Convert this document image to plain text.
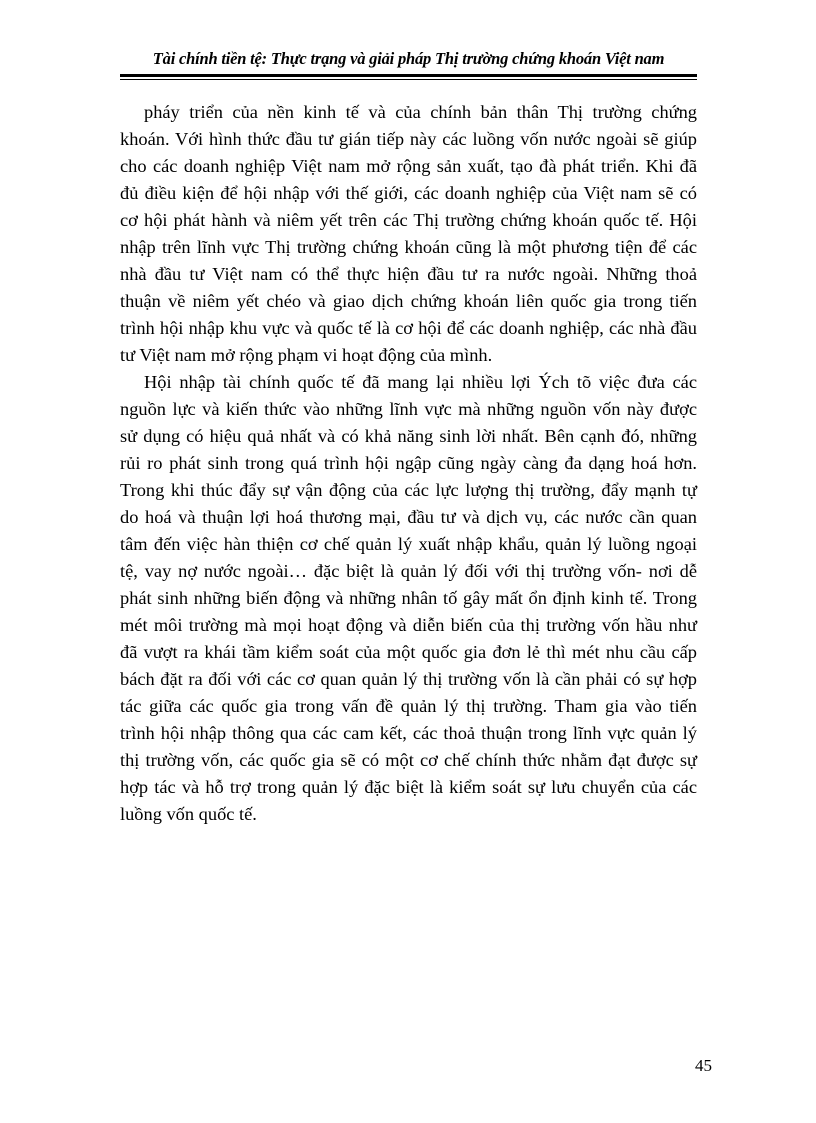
Tài chính tiền tệ: Thực trạng và giải pháp Thị trường chứng khoán Việt nam

pháy triển của nền kinh tế và của chính bản thân Thị trường chứng
khoán. Với hình thức đầu tư gián tiếp này các luồng vốn nước ngoài sẽ giúp
cho các doanh nghiệp Việt nam mở rộng sản xuất, tạo đà phát triển. Khi đã
đủ điều kiện để hội nhập với thế giới, các doanh nghiệp của Việt nam sẽ có
cơ hội phát hành và niêm yết trên các Thị trường chứng khoán quốc tế. Hội
nhập trên lĩnh vực Thị trường chứng khoán cũng là một phương tiện để các
nhà đầu tư Việt nam có thể thực hiện đầu tư ra nước ngoài. Những thoả
thuận về niêm yết chéo và giao dịch chứng khoán liên quốc gia trong tiến
trình hội nhập khu vực và quốc tế là cơ hội để các doanh nghiệp, các nhà đầu
tư Việt nam mở rộng phạm vi hoạt động của mình.

Hội nhập tài chính quốc tế đã mang lại nhiều lợi Ých tõ việc đưa các
nguồn lực và kiến thức vào những lĩnh vực mà những nguồn vốn này được
sử dụng có hiệu quả nhất và có khả năng sinh lời nhất. Bên cạnh đó, những
rủi ro phát sinh trong quá trình hội ngập cũng ngày càng đa dạng hoá hơn.
Trong khi thúc đẩy sự vận động của các lực lượng thị trường, đẩy mạnh tự
do hoá và thuận lợi hoá thương mại, đầu tư và dịch vụ, các nước cần quan
tâm đến việc hàn thiện cơ chế quản lý xuất nhập khẩu, quản lý luồng ngoại
tệ, vay nợ nước ngoài… đặc biệt là quản lý đối với thị trường vốn- nơi dễ
phát sinh những biến động và những nhân tố gây mất ổn định kinh tế. Trong
mét môi trường mà mọi hoạt động và diễn biến của thị trường vốn hầu như
đã vượt ra khái tầm kiểm soát của một quốc gia đơn lẻ thì mét nhu cầu cấp
bách đặt ra đối với các cơ quan quản lý thị trường vốn là cần phải có sự hợp
tác giữa các quốc gia trong vấn đề quản lý thị trường. Tham gia vào tiến
trình hội nhập thông qua các cam kết, các thoả thuận trong lĩnh vực quản lý
thị trường vốn, các quốc gia sẽ có một cơ chế chính thức nhằm đạt được sự
hợp tác và hỗ trợ trong quản lý đặc biệt là kiểm soát sự lưu chuyển của các
luồng vốn quốc tế.

45
